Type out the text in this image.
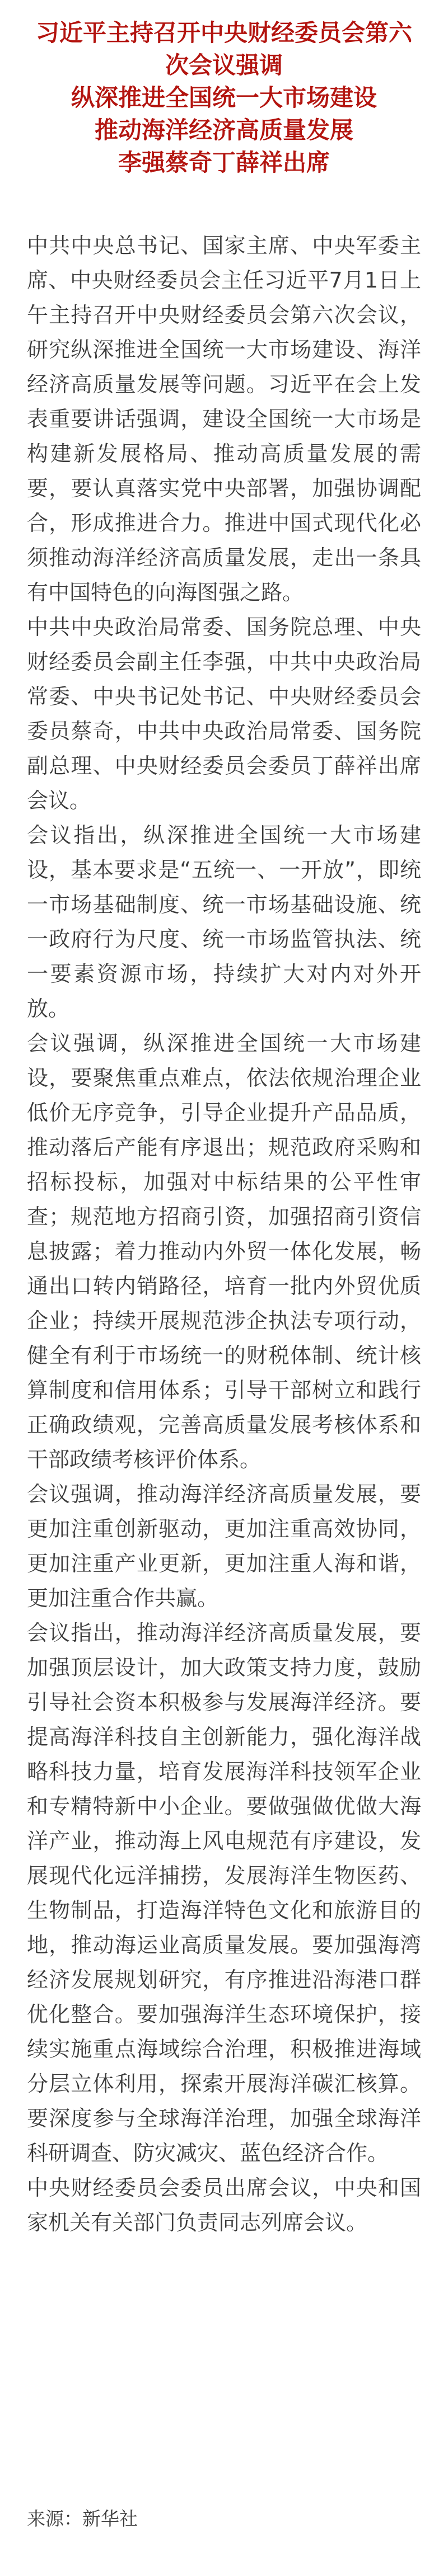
习近平主持召开中央财经委员会第六次会议强调
纵深推进全国统一大市场建设
推动海洋经济高质量发展
李强蔡奇丁薛祥出席

中共中央总书记、国家主席、中央军委主席、中央财经委员会主任习近平7月1日上午主持召开中央财经委员会第六次会议，研究纵深推进全国统一大市场建设、海洋经济高质量发展等问题。习近平在会上发表重要讲话强调，建设全国统一大市场是构建新发展格局、推动高质量发展的需要，要认真落实党中央部署，加强协调配合，形成推进合力。推进中国式现代化必须推动海洋经济高质量发展，走出一条具有中国特色的向海图强之路。

中共中央政治局常委、国务院总理、中央财经委员会副主任李强，中共中央政治局常委、中央书记处书记、中央财经委员会委员蔡奇，中共中央政治局常委、国务院副总理、中央财经委员会委员丁薛祥出席会议。

会议指出，纵深推进全国统一大市场建设，基本要求是“五统一、一开放”，即统一市场基础制度、统一市场基础设施、统一政府行为尺度、统一市场监管执法、统一要素资源市场，持续扩大对内对外开放。

会议强调，纵深推进全国统一大市场建设，要聚焦重点难点，依法依规治理企业低价无序竞争，引导企业提升产品品质，推动落后产能有序退出；规范政府采购和招标投标，加强对中标结果的公平性审查；规范地方招商引资，加强招商引资信息披露；着力推动内外贸一体化发展，畅通出口转内销路径，培育一批内外贸优质企业；持续开展规范涉企执法专项行动，健全有利于市场统一的财税体制、统计核算制度和信用体系；引导干部树立和践行正确政绩观，完善高质量发展考核体系和干部政绩考核评价体系。

会议强调，推动海洋经济高质量发展，要更加注重创新驱动，更加注重高效协同，更加注重产业更新，更加注重人海和谐，更加注重合作共赢。

会议指出，推动海洋经济高质量发展，要加强顶层设计，加大政策支持力度，鼓励引导社会资本积极参与发展海洋经济。要提高海洋科技自主创新能力，强化海洋战略科技力量，培育发展海洋科技领军企业和专精特新中小企业。要做强做优做大海洋产业，推动海上风电规范有序建设，发展现代化远洋捕捞，发展海洋生物医药、生物制品，打造海洋特色文化和旅游目的地，推动海运业高质量发展。要加强海湾经济发展规划研究，有序推进沿海港口群优化整合。要加强海洋生态环境保护，接续实施重点海域综合治理，积极推进海域分层立体利用，探索开展海洋碳汇核算。要深度参与全球海洋治理，加强全球海洋科研调查、防灾减灾、蓝色经济合作。

中央财经委员会委员出席会议，中央和国家机关有关部门负责同志列席会议。

来源：新华社
